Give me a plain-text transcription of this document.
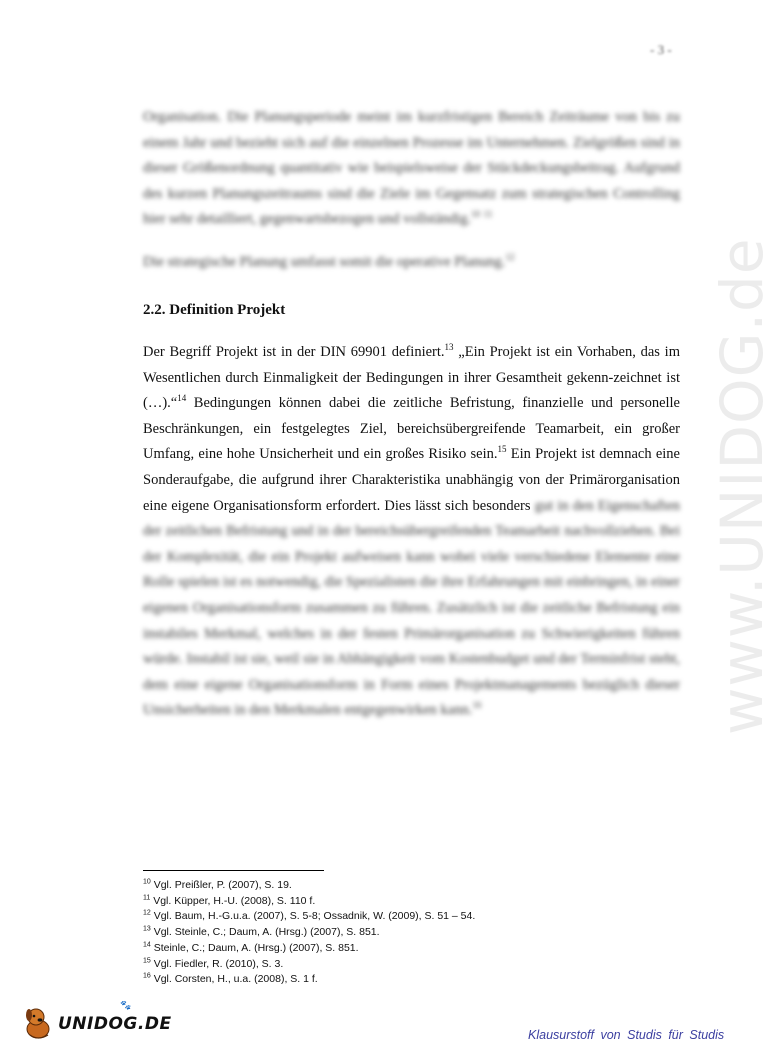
- 3 -
www.UNIDOG.de
Organisation. Die Planungsperiode meint im kurzfristigen Bereich Zeiträume von bis zu einem Jahr und bezieht sich auf die einzelnen Prozesse im Unternehmen. Zielgrößen sind in dieser Größenordnung quantitativ wie beispielsweise der Stückdeckungsbeitrag. Aufgrund des kurzen Planungszeitraums sind die Ziele im Gegensatz zum strategischen Controlling hier sehr detailliert, gegenwartsbezogen und vollständig.$^{10}$ $^{11}$
Die strategische Planung umfasst somit die operative Planung.$^{12}$
2.2. Definition Projekt
Der Begriff Projekt ist in der DIN 69901 definiert.$^{13}$ „Ein Projekt ist ein Vorhaben, das im Wesentlichen durch Einmaligkeit der Bedingungen in ihrer Gesamtheit gekenn-zeichnet ist (…).“$^{14}$ Bedingungen können dabei die zeitliche Befristung, finanzielle und personelle Beschränkungen, ein festgelegtes Ziel, bereichsübergreifende Teamarbeit, ein großer Umfang, eine hohe Unsicherheit und ein großes Risiko sein.$^{15}$ Ein Projekt ist demnach eine Sonderaufgabe, die aufgrund ihrer Charakteristika unabhängig von der Primärorganisation eine eigene Organisationsform erfordert. Dies lässt sich besonders gut in den Eigenschaften der zeitlichen Befristung und in der bereichsübergreifenden Teamarbeit nachvollziehen. Bei der Komplexität, die ein Projekt aufweisen kann wobei viele verschiedene Elemente eine Rolle spielen ist es notwendig, die Spezialisten die ihre Erfahrungen mit einbringen, in einer eigenen Organisationsform zusammen zu führen. Zusätzlich ist die zeitliche Befristung ein instabiles Merkmal, welches in der festen Primärorganisation zu Schwierigkeiten führen würde. Instabil ist sie, weil sie in Abhängigkeit vom Kostenbudget und der Terminfrist steht, dem eine eigene Organisationsform in Form eines Projektmanagements bezüglich dieser Unsicherheiten in den Merkmalen entgegenwirken kann.$^{16}$
$^{10}$ Vgl. Preißler, P. (2007), S. 19.
$^{11}$ Vgl. Küpper, H.-U. (2008), S. 110 f.
$^{12}$ Vgl. Baum, H.-G.u.a. (2007), S. 5-8; Ossadnik, W. (2009), S. 51 – 54.
$^{13}$ Vgl. Steinle, C.; Daum, A. (Hrsg.) (2007), S. 851.
$^{14}$ Steinle, C.; Daum, A. (Hrsg.) (2007), S. 851.
$^{15}$ Vgl. Fiedler, R. (2010), S. 3.
$^{16}$ Vgl. Corsten, H., u.a. (2008), S. 1 f.
UNIDOG.DE
🐾
Klausurstoff von Studis für Studis
